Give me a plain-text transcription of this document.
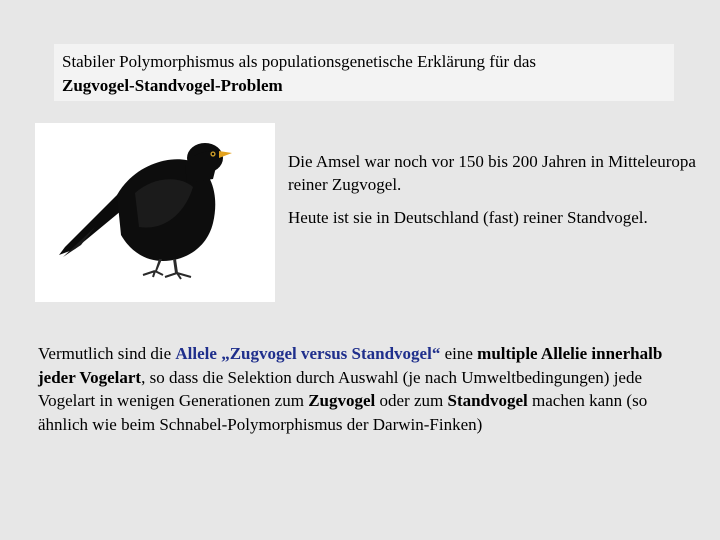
Stabiler Polymorphismus als populationsgenetische Erklärung für das
Zugvogel-Standvogel-Problem

Die Amsel war noch vor 150 bis 200 Jahren in Mitteleuropa reiner Zugvogel.

Heute ist sie in Deutschland (fast) reiner Standvogel.

Vermutlich sind die Allele „Zugvogel versus Standvogel“ eine multiple Allelie innerhalb jeder Vogelart, so dass die Selektion durch Auswahl (je nach Umweltbedingungen) jede Vogelart in wenigen Generationen zum Zugvogel oder zum Standvogel machen kann (so ähnlich wie beim Schnabel-Polymorphismus der Darwin-Finken)
